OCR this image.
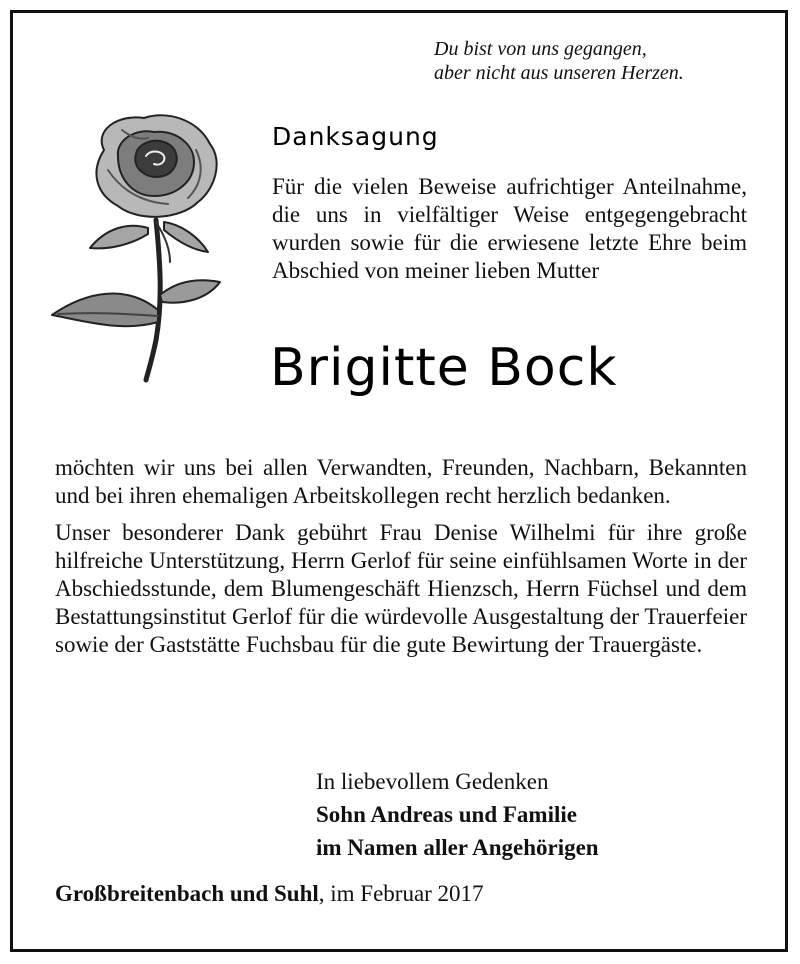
Du bist von uns gegangen,
aber nicht aus unseren Herzen.
Danksagung
Für die vielen Beweise aufrichtiger Anteilnahme, die uns in vielfältiger Weise entgegengebracht wurden sowie für die erwiesene letzte Ehre beim Abschied von meiner lieben Mutter
Brigitte Bock

möchten wir uns bei allen Verwandten, Freunden, Nachbarn, Bekannten und bei ihren ehemaligen Arbeitskollegen recht herzlich bedanken.

Unser besonderer Dank gebührt Frau Denise Wilhelmi für ihre große hilfreiche Unterstützung, Herrn Gerlof für seine einfühlsamen Worte in der Abschiedsstunde, dem Blumengeschäft Hienzsch, Herrn Füchsel und dem Bestattungsinstitut Gerlof für die würdevolle Ausgestaltung der Trauerfeier sowie der Gaststätte Fuchsbau für die gute Bewirtung der Trauergäste.

In liebevollem Gedenken
Sohn Andreas und Familie
im Namen aller Angehörigen
Großbreitenbach und Suhl, im Februar 2017
